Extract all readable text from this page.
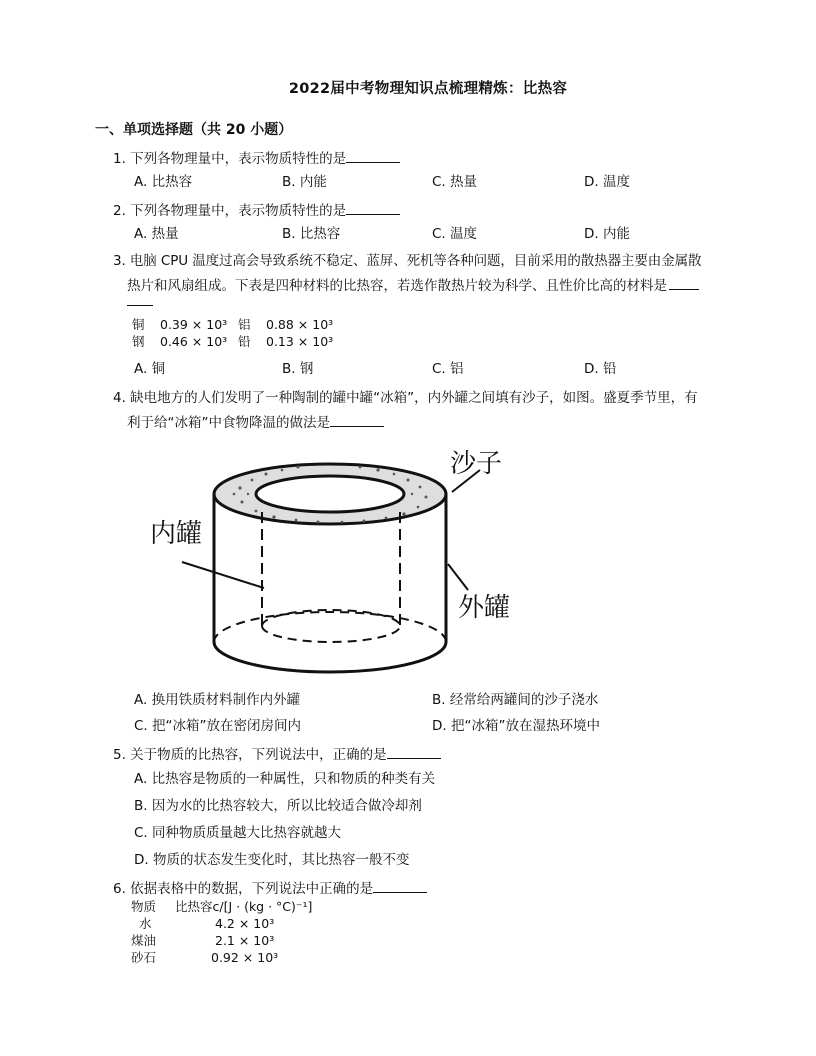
2022届中考物理知识点梳理精炼：比热容
一、单项选择题（共 20 小题）
1. 下列各物理量中，表示物质特性的是
A. 比热容	B. 内能	C. 热量	D. 温度
2. 下列各物理量中，表示物质特性的是
A. 热量	B. 比热容	C. 温度	D. 内能
3. 电脑 CPU 温度过高会导致系统不稳定、蓝屏、死机等各种问题，目前采用的散热器主要由金属散
热片和风扇组成。下表是四种材料的比热容，若选作散热片较为科学、且性价比高的材料是
铜	0.39 × 10³	铝	0.88 × 10³
钢	0.46 × 10³	铅	0.13 × 10³
A. 铜	B. 钢	C. 铝	D. 铅
4. 缺电地方的人们发明了一种陶制的罐中罐“冰箱”，内外罐之间填有沙子，如图。盛夏季节里，有
利于给“冰箱”中食物降温的做法是
沙子
内罐
外罐
A. 换用铁质材料制作内外罐	B. 经常给两罐间的沙子浇水
C. 把“冰箱”放在密闭房间内	D. 把“冰箱”放在湿热环境中
5. 关于物质的比热容，下列说法中，正确的是
A. 比热容是物质的一种属性，只和物质的种类有关
B. 因为水的比热容较大，所以比较适合做冷却剂
C. 同种物质质量越大比热容就越大
D. 物质的状态发生变化时，其比热容一般不变
6. 依据表格中的数据，下列说法中正确的是
物质	比热容c/[J · (kg · °C)⁻¹]
水	4.2 × 10³
煤油	2.1 × 10³
砂石	0.92 × 10³
